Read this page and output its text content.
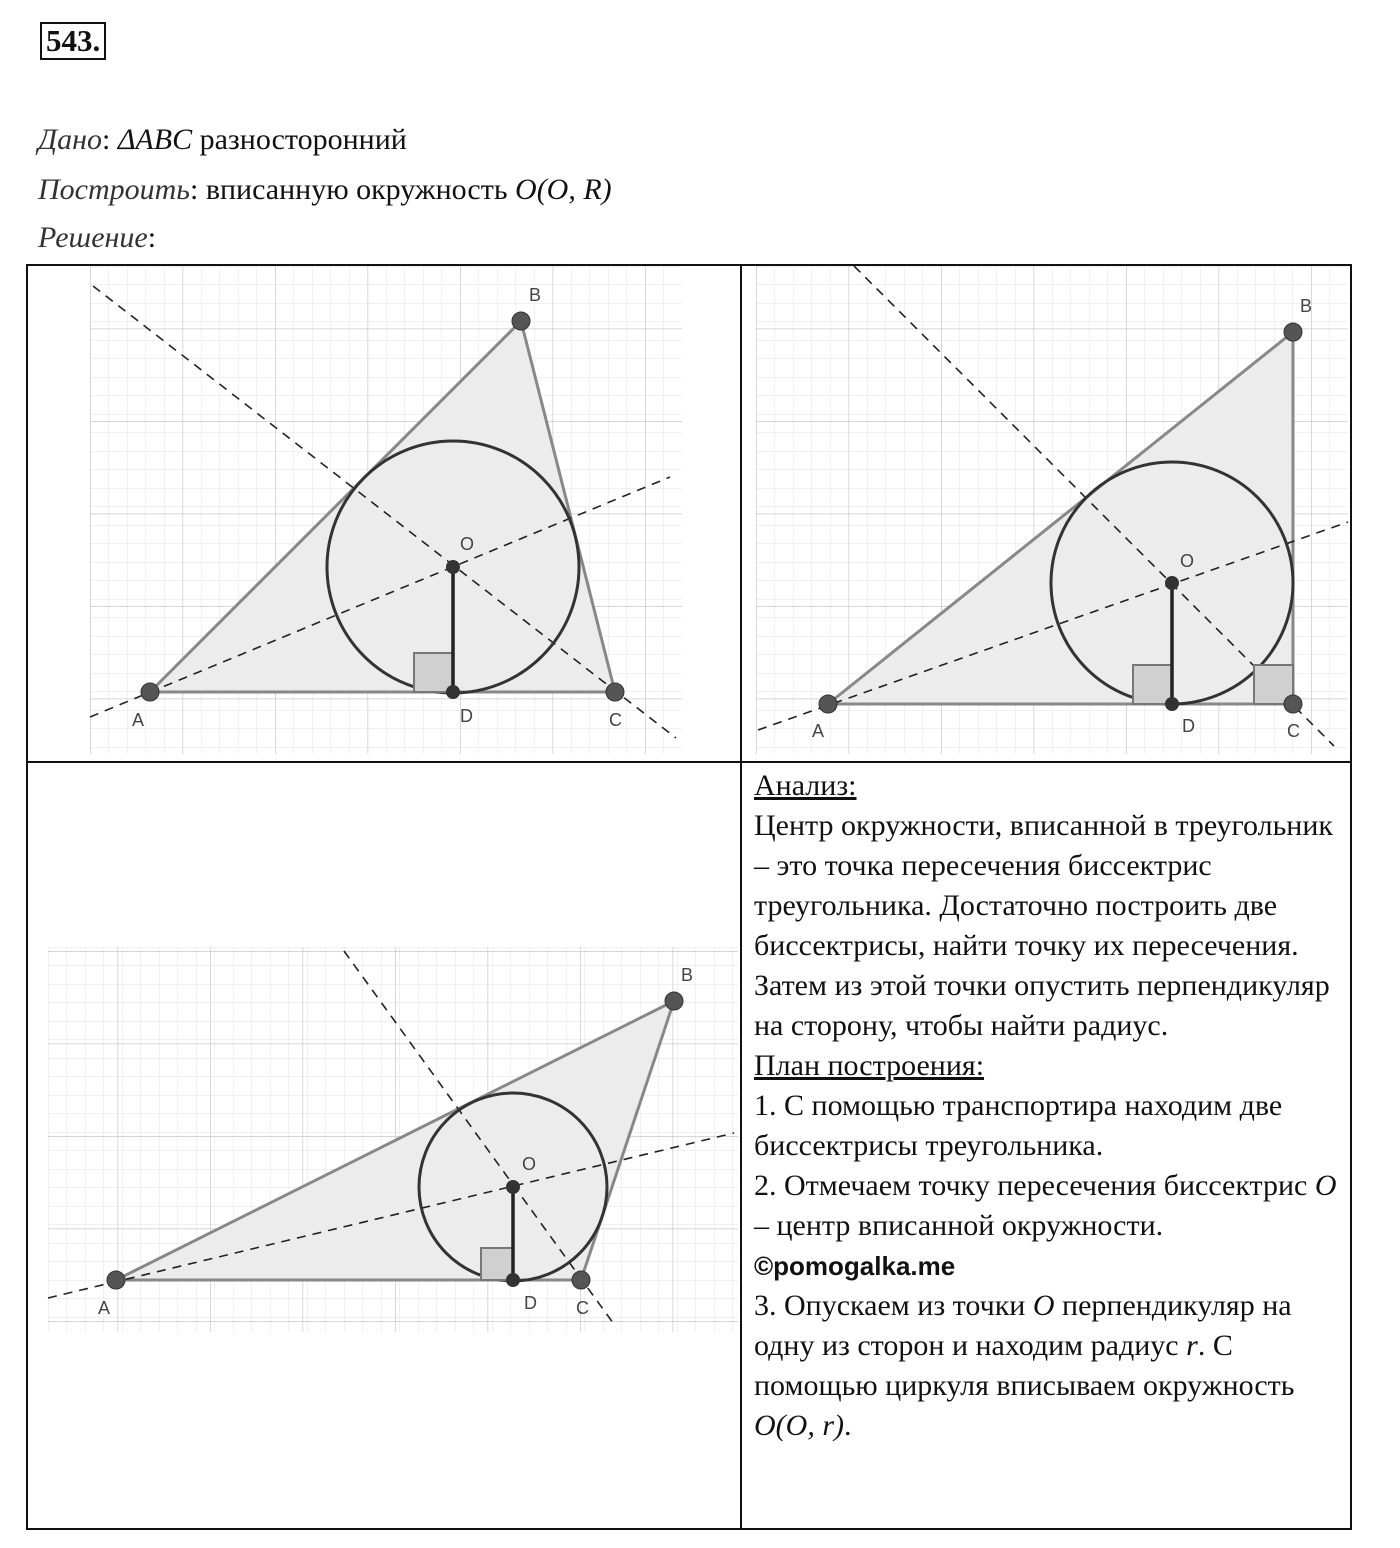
543.
Дано: ΔABC разносторонний
Построить: вписанную окружность O(O, R)
Решение:
A
B
C
D
O
A
B
C
D
O
A
B
C
D
O

Анализ:

Центр окружности, вписанной в треугольник – это точка пересечения биссектрис треугольника. Достаточно построить две биссектрисы, найти точку их пересечения. Затем из этой точки опустить перпендикуляр на сторону, чтобы найти радиус.

План построения:

1. С помощью транспортира находим две биссектрисы треугольника.

2. Отмечаем точку пересечения биссектрис O – центр вписанной окружности. ©pomogalka.me

3. Опускаем из точки O перпендикуляр на одну из сторон и находим радиус r. С помощью циркуля вписываем окружность O(O, r).
